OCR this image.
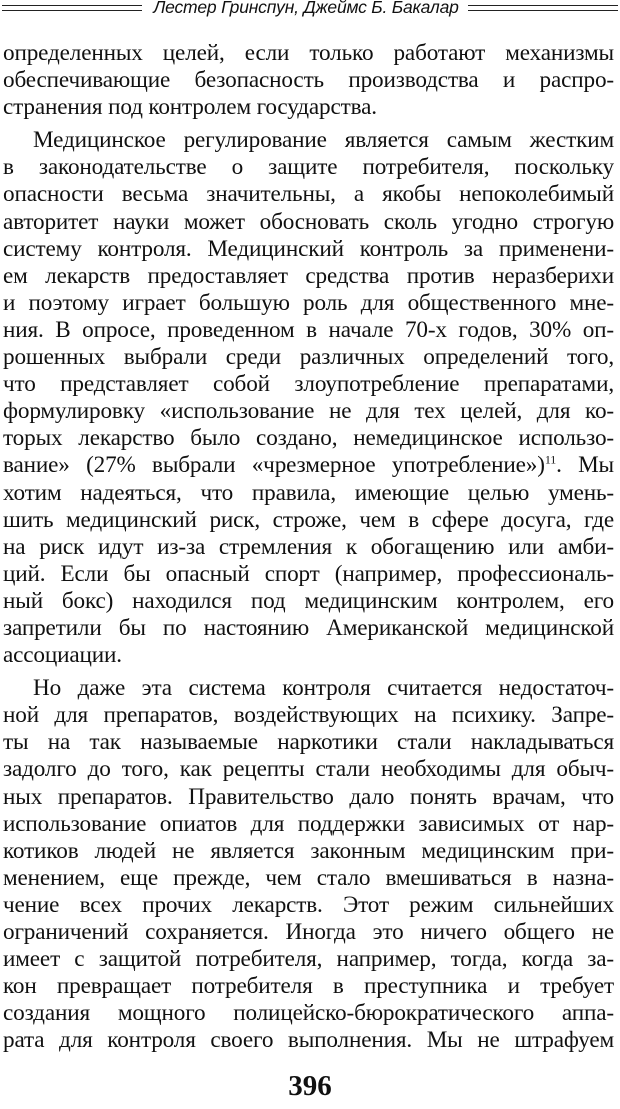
Лестер Гринспун, Джеймс Б. Бакалар
определенных целей, если только работают механизмы
обеспечивающие безопасность производства и распро-
странения под контролем государства.
Медицинское регулирование является самым жестким
в законодательстве о защите потребителя, поскольку
опасности весьма значительны, а якобы непоколебимый
авторитет науки может обосновать сколь угодно строгую
систему контроля. Медицинский контроль за применени-
ем лекарств предоставляет средства против неразберихи
и поэтому играет большую роль для общественного мне-
ния. В опросе, проведенном в начале 70-х годов, 30% оп-
рошенных выбрали среди различных определений того,
что представляет собой злоупотребление препаратами,
формулировку «использование не для тех целей, для ко-
торых лекарство было создано, немедицинское использо-
вание» (27% выбрали «чрезмерное употребление»)$^{11}$. Мы
хотим надеяться, что правила, имеющие целью умень-
шить медицинский риск, строже, чем в сфере досуга, где
на риск идут из-за стремления к обогащению или амби-
ций. Если бы опасный спорт (например, профессиональ-
ный бокс) находился под медицинским контролем, его
запретили бы по настоянию Американской медицинской
ассоциации.
Но даже эта система контроля считается недостаточ-
ной для препаратов, воздействующих на психику. Запре-
ты на так называемые наркотики стали накладываться
задолго до того, как рецепты стали необходимы для обыч-
ных препаратов. Правительство дало понять врачам, что
использование опиатов для поддержки зависимых от нар-
котиков людей не является законным медицинским при-
менением, еще прежде, чем стало вмешиваться в назна-
чение всех прочих лекарств. Этот режим сильнейших
ограничений сохраняется. Иногда это ничего общего не
имеет с защитой потребителя, например, тогда, когда за-
кон превращает потребителя в преступника и требует
создания мощного полицейско-бюрократического аппа-
рата для контроля своего выполнения. Мы не штрафуем
396
